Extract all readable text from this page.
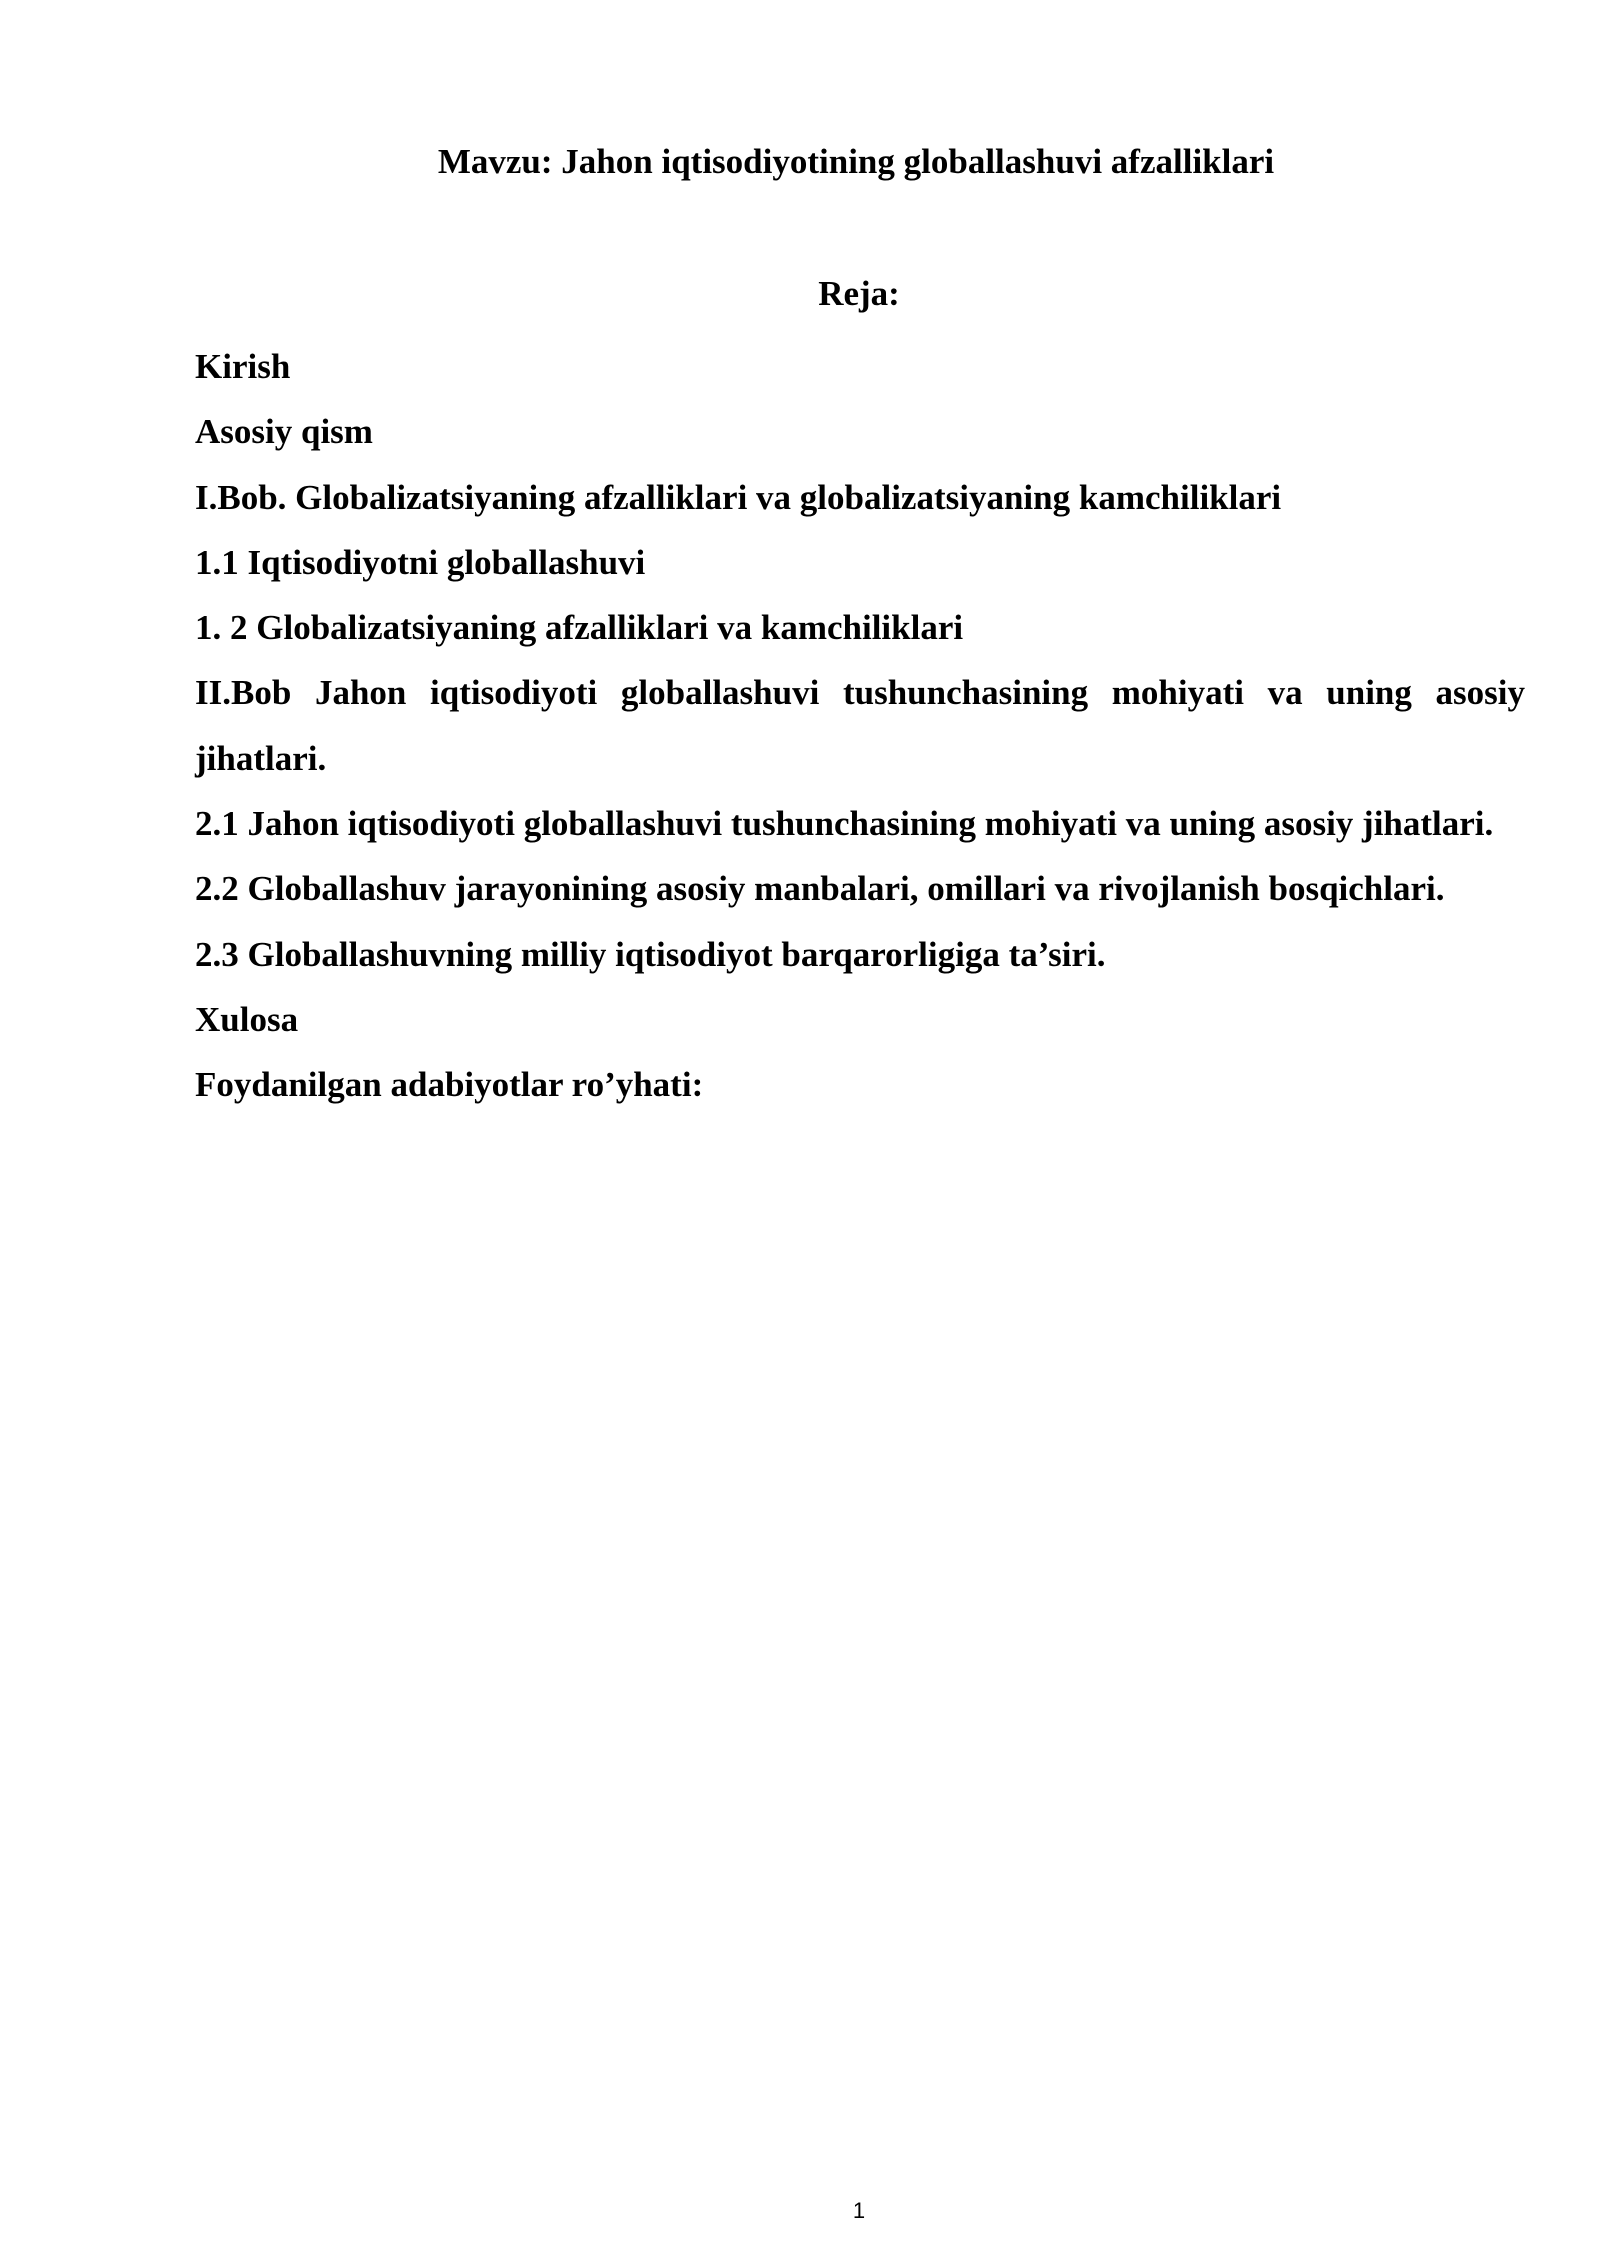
Mavzu: Jahon iqtisodiyotining globallashuvi afzalliklari
Reja:
Kirish
Asosiy qism
I.Bob. Globalizatsiyaning afzalliklari va globalizatsiyaning kamchiliklari
1.1 Iqtisodiyotni globallashuvi
1. 2 Globalizatsiyaning afzalliklari va kamchiliklari
II.Bob Jahon iqtisodiyoti globallashuvi tushunchasining mohiyati va uning asosiy jihatlari.
2.1 Jahon iqtisodiyoti globallashuvi tushunchasining mohiyati va uning asosiy jihatlari.
2.2 Globallashuv jarayonining asosiy manbalari, omillari va rivojlanish bosqichlari.
2.3 Globallashuvning milliy iqtisodiyot barqarorligiga ta’siri.
Xulosa
Foydanilgan adabiyotlar ro’yhati:
1
